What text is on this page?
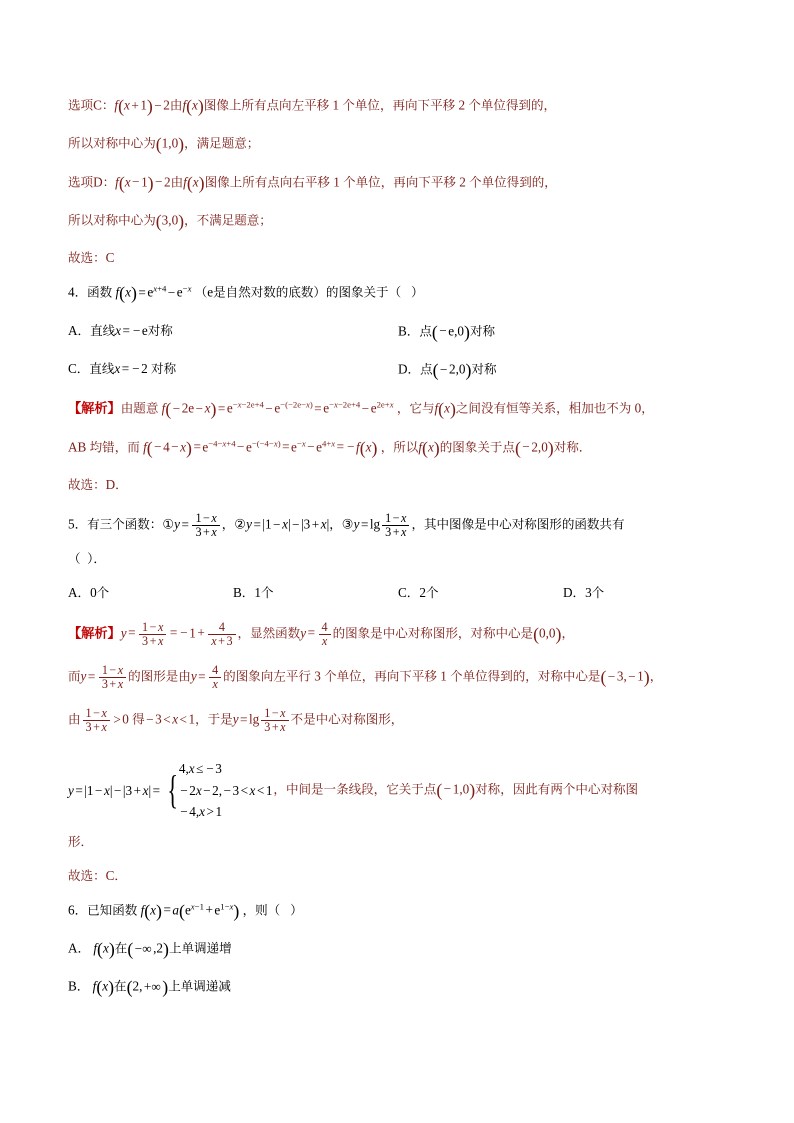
选项C：f(x + 1) − 2由f(x)图像上所有点向左平移 1 个单位，再向下平移 2 个单位得到的，
所以对称中心为(1,0)，满足题意；
选项D：f(x − 1) − 2由f(x)图像上所有点向右平移 1 个单位，再向下平移 2 个单位得到的，
所以对称中心为(3,0)，不满足题意；
故选：C
4．函数 $f(x) = e^{x+4} - e^{-x}$ （e是自然对数的底数）的图象关于（ ）
A．直线x = − e对称	B．点( − e,0)对称
C．直线x = − 2 对称	D．点( − 2,0)对称
【解析】由题意 $f( - 2e - x) = e^{-x-2e+4} - e^{-(-2e-x)} = e^{-x-2e+4} - e^{2e+x}$ ，它与f(x)之间没有恒等关系，相加也不为 0，
AB 均错，而 $f( - 4 - x) = e^{-4-x+4} - e^{-(-4-x)} = e^{-x} - e^{4+x}$ = − f(x) ，所以f(x)的图象关于点( − 2,0)对称．
故选：D．
5．有三个函数：①y = $\frac{1 - x}{3 + x}$ ，②y = |1 − x| − |3 + x|，③y = $\lg \frac{1 - x}{3 + x}$ ，其中图像是中心对称图形的函数共有
（ ）．
A．0个	B．1个	C．2个	D．3个
【解析】$y = \frac{1 - x}{3 + x}$ = − $1 + \frac{4}{x + 3}$ ，显然函数$y = \frac{4}{x}$ 的图象是中心对称图形，对称中心是(0,0)，
而$y = \frac{1 - x}{3 + x}$ 的图形是由$y = \frac{4}{x}$ 的图象向左平行 3 个单位，再向下平移 1 个单位得到的，对称中心是( − 3, − 1)，
由 $\frac{1 - x}{3 + x} > 0$ 得 − 3 < x < 1，于是$y = \lg \frac{1 - x}{3 + x}$ 不是中心对称图形，
y = |1 − x| − |3 + x| = { 4,x ≤ − 3
− 2x − 2, − 3 < x < 1
− 4,x > 1
，中间是一条线段，它关于点( − 1,0)对称，因此有两个中心对称图
形．
故选：C．
6．已知函数 $f(x) = a(e^{x-1} + e^{1-x})$ ，则（ ）
A． f(x)在( −∞ ,2)上单调递增
B． f(x)在(2, +∞)上单调递减
